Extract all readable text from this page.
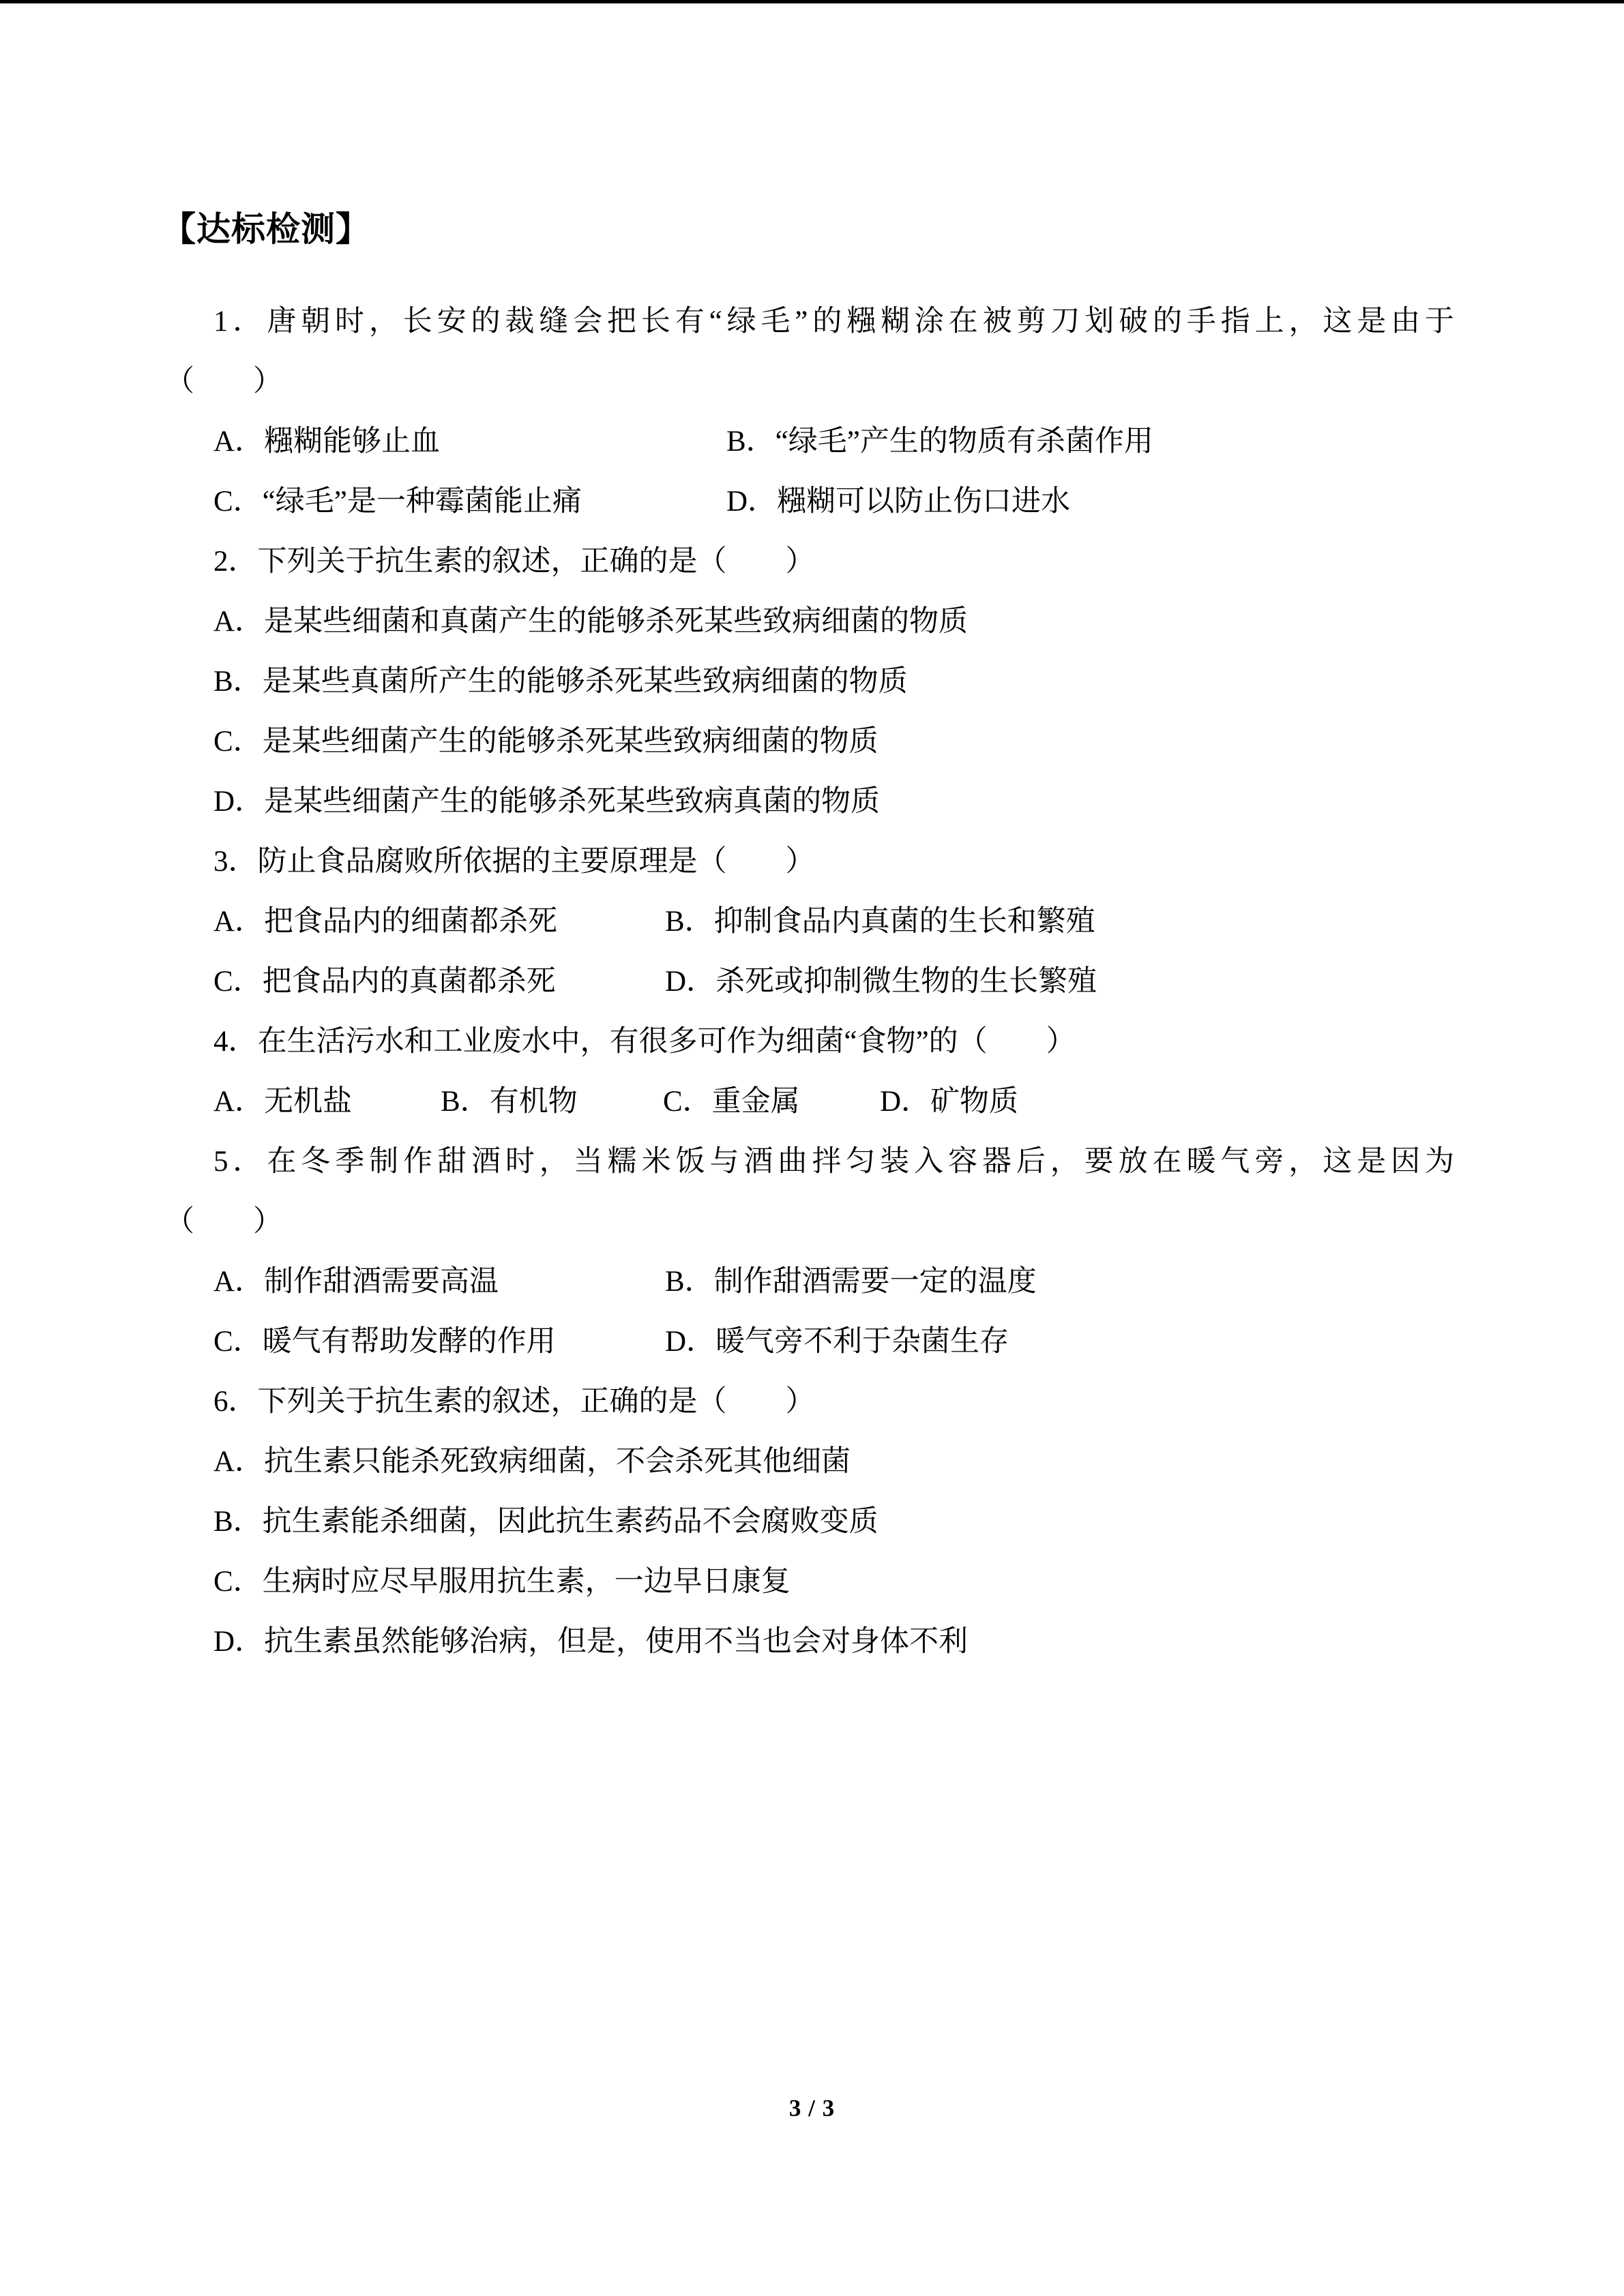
【达标检测】
1．唐朝时，长安的裁缝会把长有“绿毛”的糨糊涂在被剪刀划破的手指上，这是由于
（　　）
A．糨糊能够止血	B．“绿毛”产生的物质有杀菌作用
C．“绿毛”是一种霉菌能止痛	D．糨糊可以防止伤口进水
2．下列关于抗生素的叙述，正确的是（　　）
A．是某些细菌和真菌产生的能够杀死某些致病细菌的物质
B．是某些真菌所产生的能够杀死某些致病细菌的物质
C．是某些细菌产生的能够杀死某些致病细菌的物质
D．是某些细菌产生的能够杀死某些致病真菌的物质
3．防止食品腐败所依据的主要原理是（　　）
A．把食品内的细菌都杀死	B．抑制食品内真菌的生长和繁殖
C．把食品内的真菌都杀死	D．杀死或抑制微生物的生长繁殖
4．在生活污水和工业废水中，有很多可作为细菌“食物”的（　　）
A．无机盐	B．有机物	C．重金属	D．矿物质
5．在冬季制作甜酒时，当糯米饭与酒曲拌匀装入容器后，要放在暖气旁，这是因为
（　　）
A．制作甜酒需要高温	B．制作甜酒需要一定的温度
C．暖气有帮助发酵的作用	D．暖气旁不利于杂菌生存
6．下列关于抗生素的叙述，正确的是（　　）
A．抗生素只能杀死致病细菌，不会杀死其他细菌
B．抗生素能杀细菌，因此抗生素药品不会腐败变质
C．生病时应尽早服用抗生素，一边早日康复
D．抗生素虽然能够治病，但是，使用不当也会对身体不利
3 / 3
